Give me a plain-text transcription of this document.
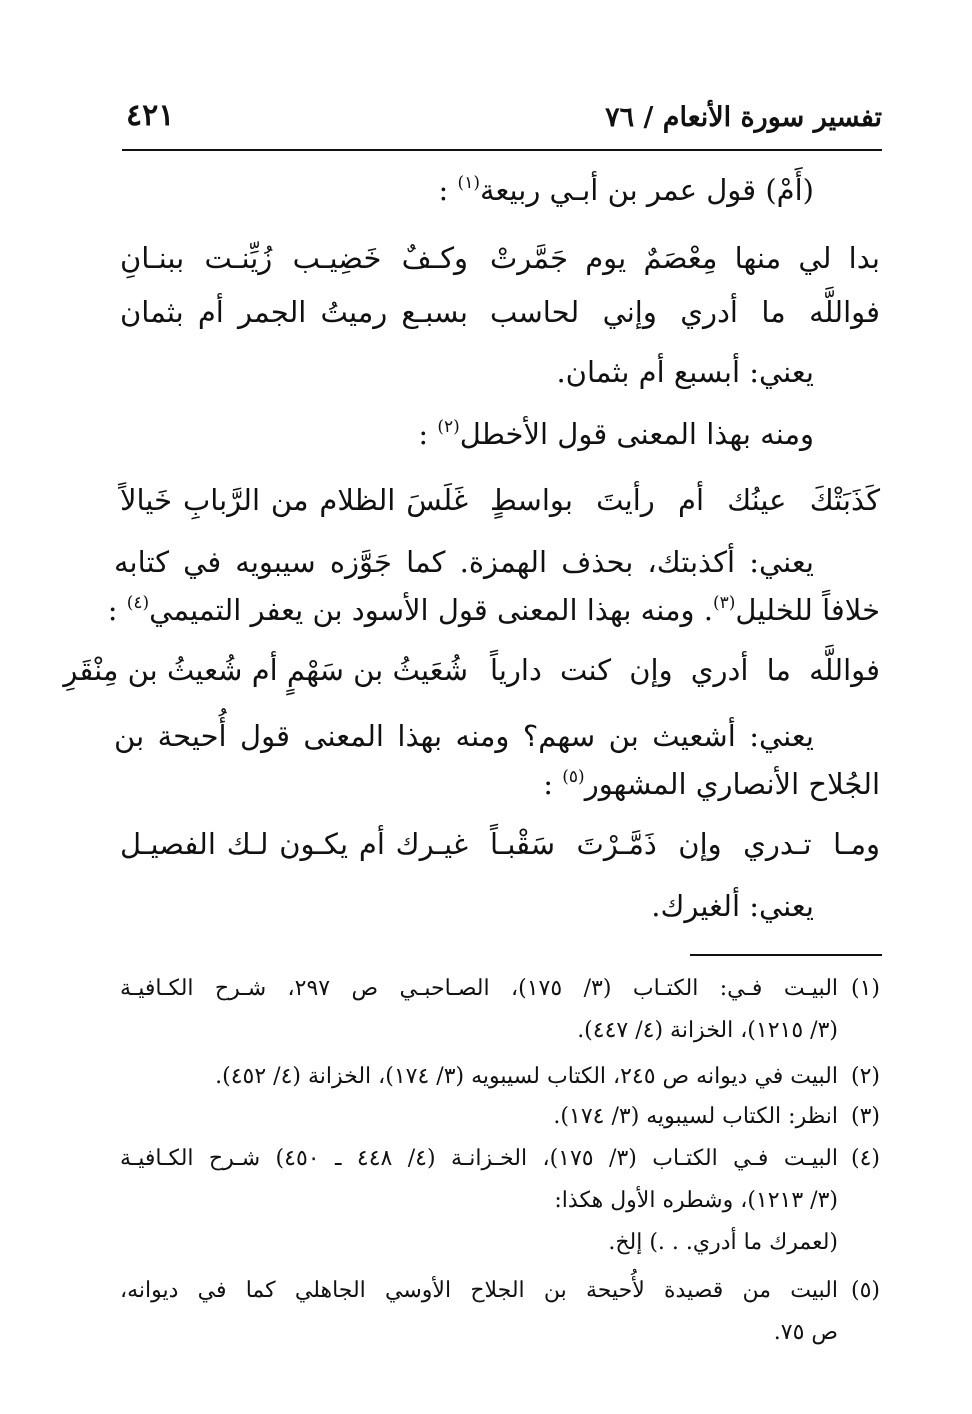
تفسير سورة الأنعام / ٧٦
٤٢١
(أَمْ) قول عمر بن أبـي ربيعة$^{(١)}$ :
بدا لي منها مِعْصَمٌ يوم جَمَّرتْ
وكـفٌ خَضِيـب زُيِّنـت ببنـانِ
فواللَّه ما أدري وإني لحاسب
بسبـع رميتُ الجمر أم بثمان
يعني: أبسبع أم بثمان.
ومنه بهذا المعنى قول الأخطل$^{(٢)}$ :
كَذَبَتْكَ عينُك أم رأيتَ بواسطٍ
غَلَسَ الظلام من الرَّبابِ خَيالاً
يعني: أكذبتك، بحذف الهمزة. كما جَوَّزه سيبويه في كتابه
خلافاً للخليل$^{(٣)}$. ومنه بهذا المعنى قول الأسود بن يعفر التميمي$^{(٤)}$ :
فواللَّه ما أدري وإن كنت دارياً
شُعَيثُ بن سَهْمٍ أم شُعيثُ بن مِنْقَرِ
يعني: أشعيث بن سهم؟ ومنه بهذا المعنى قول أُحيحة بن
الجُلاح الأنصاري المشهور$^{(٥)}$ :
ومـا تـدري وإن ذَمَّـرْتَ سَقْبـاً
غيـرك أم يكـون لـك الفصيـل
يعني: ألغيرك.
(١)
البيـت فـي: الكتـاب (٣/ ١٧٥)، الصـاحبـي ص ٢٩٧، شـرح الكـافيـة
(٣/ ١٢١٥)، الخزانة (٤/ ٤٤٧).
(٢)
البيت في ديوانه ص ٢٤٥، الكتاب لسيبويه (٣/ ١٧٤)، الخزانة (٤/ ٤٥٢).
(٣)
انظر: الكتاب لسيبويه (٣/ ١٧٤).
(٤)
البيـت فـي الكتـاب (٣/ ١٧٥)، الخـزانـة (٤/ ٤٤٨ ـ ٤٥٠) شـرح الكـافيـة
(٣/ ١٢١٣)، وشطره الأول هكذا:
(لعمرك ما أدري. . .) إلخ.
(٥)
البيت من قصيدة لأُحيحة بن الجلاح الأوسي الجاهلي كما في ديوانه،
ص ٧٥.
